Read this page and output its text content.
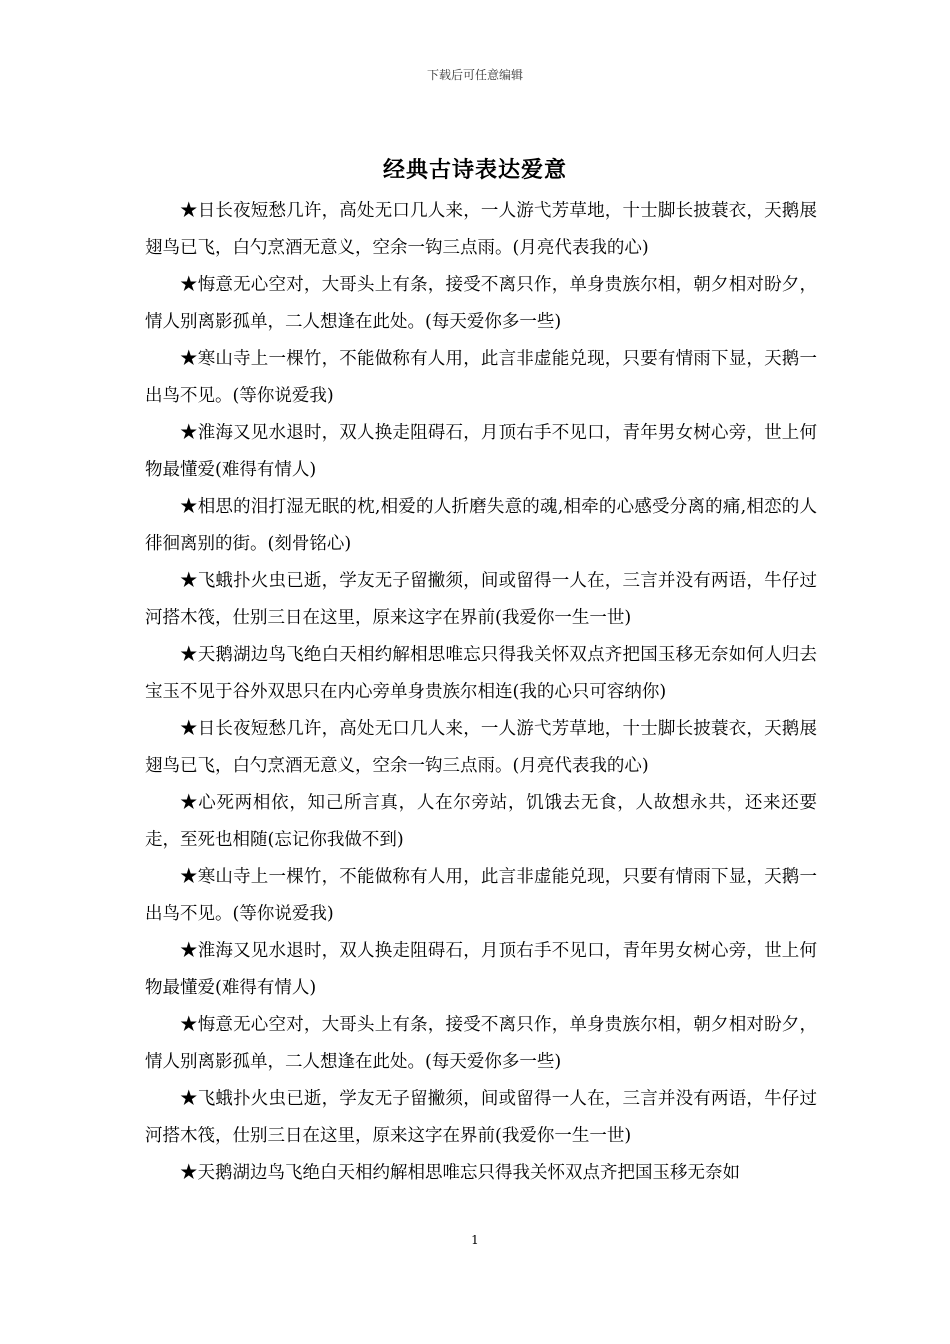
下载后可任意编辑
经典古诗表达爱意

★日长夜短愁几许，高处无口几人来，一人游弋芳草地，十士脚长披蓑衣，天鹅展翅鸟已飞，白勺烹酒无意义，空余一钩三点雨。(月亮代表我的心)

★悔意无心空对，大哥头上有条，接受不离只作，单身贵族尔相，朝夕相对盼夕，情人别离影孤单，二人想逢在此处。(每天爱你多一些)

★寒山寺上一棵竹，不能做称有人用，此言非虚能兑现，只要有情雨下显，天鹅一出鸟不见。(等你说爱我)

★淮海又见水退时，双人换走阻碍石，月顶右手不见口，青年男女树心旁，世上何物最懂爱(难得有情人)

★相思的泪打湿无眠的枕,相爱的人折磨失意的魂,相牵的心感受分离的痛,相恋的人徘徊离别的街。(刻骨铭心)

★飞蛾扑火虫已逝，学友无子留撇须，间或留得一人在，三言并没有两语，牛仔过河搭木筏，仕别三日在这里，原来这字在界前(我爱你一生一世)

★天鹅湖边鸟飞绝白天相约解相思唯忘只得我关怀双点齐把国玉移无奈如何人归去宝玉不见于谷外双思只在内心旁单身贵族尔相连(我的心只可容纳你)

★日长夜短愁几许，高处无口几人来，一人游弋芳草地，十士脚长披蓑衣，天鹅展翅鸟已飞，白勺烹酒无意义，空余一钩三点雨。(月亮代表我的心)

★心死两相依，知己所言真，人在尔旁站，饥饿去无食，人故想永共，还来还要走，至死也相随(忘记你我做不到)

★寒山寺上一棵竹，不能做称有人用，此言非虚能兑现，只要有情雨下显，天鹅一出鸟不见。(等你说爱我)

★淮海又见水退时，双人换走阻碍石，月顶右手不见口，青年男女树心旁，世上何物最懂爱(难得有情人)

★悔意无心空对，大哥头上有条，接受不离只作，单身贵族尔相，朝夕相对盼夕，情人别离影孤单，二人想逢在此处。(每天爱你多一些)

★飞蛾扑火虫已逝，学友无子留撇须，间或留得一人在，三言并没有两语，牛仔过河搭木筏，仕别三日在这里，原来这字在界前(我爱你一生一世)

★天鹅湖边鸟飞绝白天相约解相思唯忘只得我关怀双点齐把国玉移无奈如

1
